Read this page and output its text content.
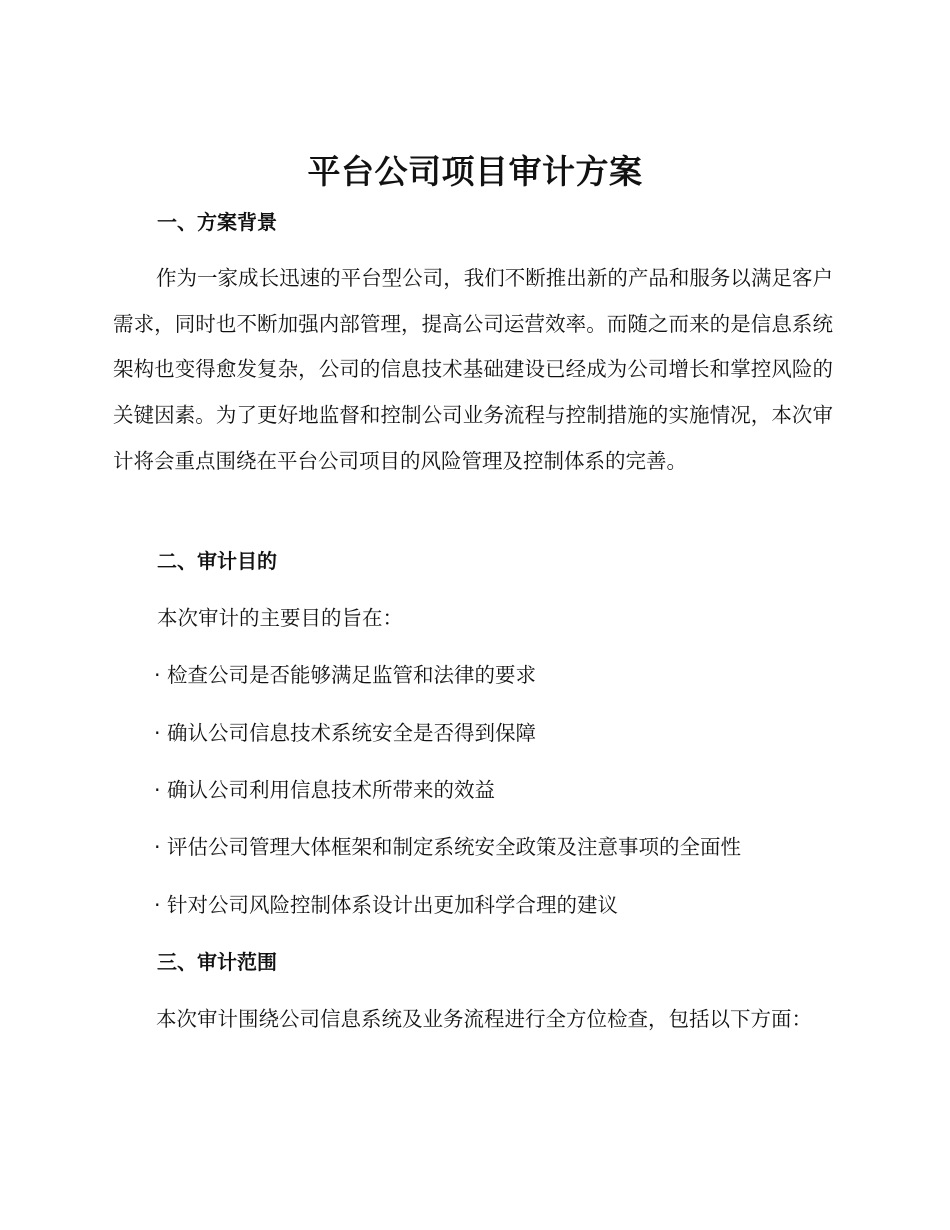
平台公司项目审计方案
一、方案背景

作为一家成长迅速的平台型公司，我们不断推出新的产品和服务以满足客户需求，同时也不断加强内部管理，提高公司运营效率。而随之而来的是信息系统架构也变得愈发复杂，公司的信息技术基础建设已经成为公司增长和掌控风险的关键因素。为了更好地监督和控制公司业务流程与控制措施的实施情况，本次审计将会重点围绕在平台公司项目的风险管理及控制体系的完善。

二、审计目的
本次审计的主要目的旨在：
· 检查公司是否能够满足监管和法律的要求
· 确认公司信息技术系统安全是否得到保障
· 确认公司利用信息技术所带来的效益
· 评估公司管理大体框架和制定系统安全政策及注意事项的全面性
· 针对公司风险控制体系设计出更加科学合理的建议
三、审计范围

本次审计围绕公司信息系统及业务流程进行全方位检查，包括以下方面：
